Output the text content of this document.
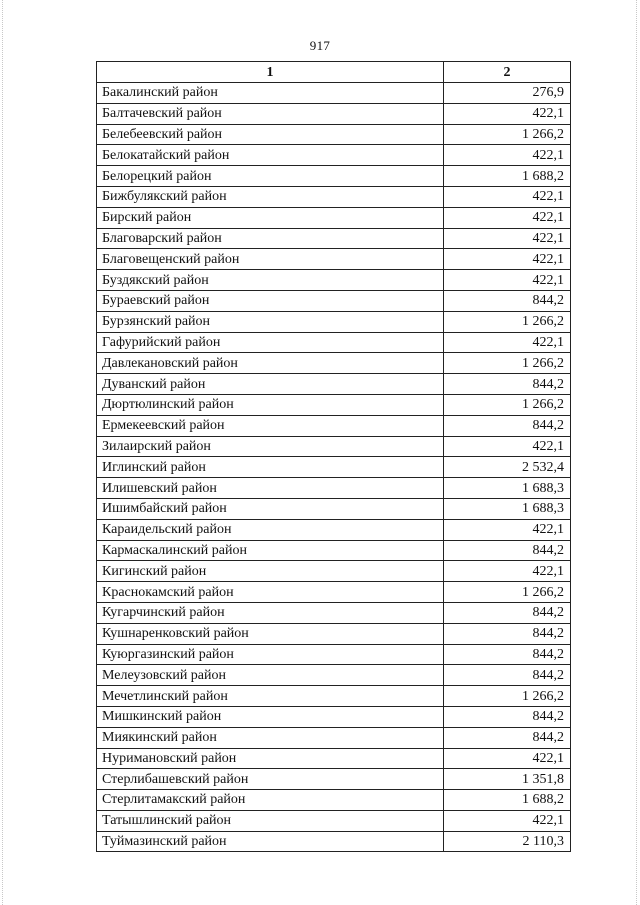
917
1	2
Бакалинский район	276,9
Балтачевский район	422,1
Белебеевский район	1 266,2
Белокатайский район	422,1
Белорецкий район	1 688,2
Бижбулякский район	422,1
Бирский район	422,1
Благоварский район	422,1
Благовещенский район	422,1
Буздякский район	422,1
Бураевский район	844,2
Бурзянский район	1 266,2
Гафурийский район	422,1
Давлекановский район	1 266,2
Дуванский район	844,2
Дюртюлинский район	1 266,2
Ермекеевский район	844,2
Зилаирский район	422,1
Иглинский район	2 532,4
Илишевский район	1 688,3
Ишимбайский район	1 688,3
Караидельский район	422,1
Кармаскалинский район	844,2
Кигинский район	422,1
Краснокамский район	1 266,2
Кугарчинский район	844,2
Кушнаренковский район	844,2
Куюргазинский район	844,2
Мелеузовский район	844,2
Мечетлинский район	1 266,2
Мишкинский район	844,2
Миякинский район	844,2
Нуримановский район	422,1
Стерлибашевский район	1 351,8
Стерлитамакский район	1 688,2
Татышлинский район	422,1
Туймазинский район	2 110,3
